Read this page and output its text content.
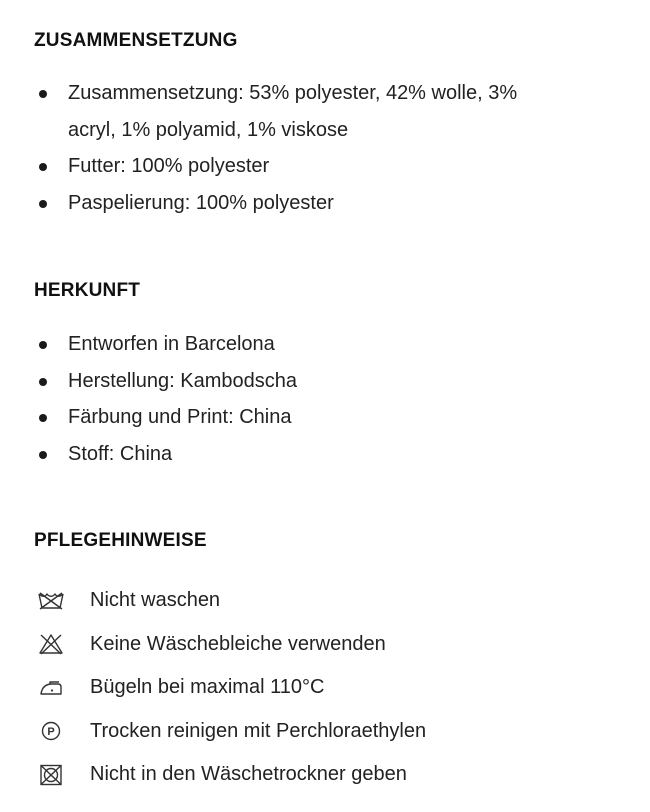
ZUSAMMENSETZUNG
Zusammensetzung: 53% polyester, 42% wolle, 3%
acryl, 1% polyamid, 1% viskose
Futter: 100% polyester
Paspelierung: 100% polyester
HERKUNFT
Entworfen in Barcelona
Herstellung: Kambodscha
Färbung und Print: China
Stoff: China
PFLEGEHINWEISE
Nicht waschen
Keine Wäschebleiche verwenden
Bügeln bei maximal 110°C
P Trocken reinigen mit Perchloraethylen
Nicht in den Wäschetrockner geben
